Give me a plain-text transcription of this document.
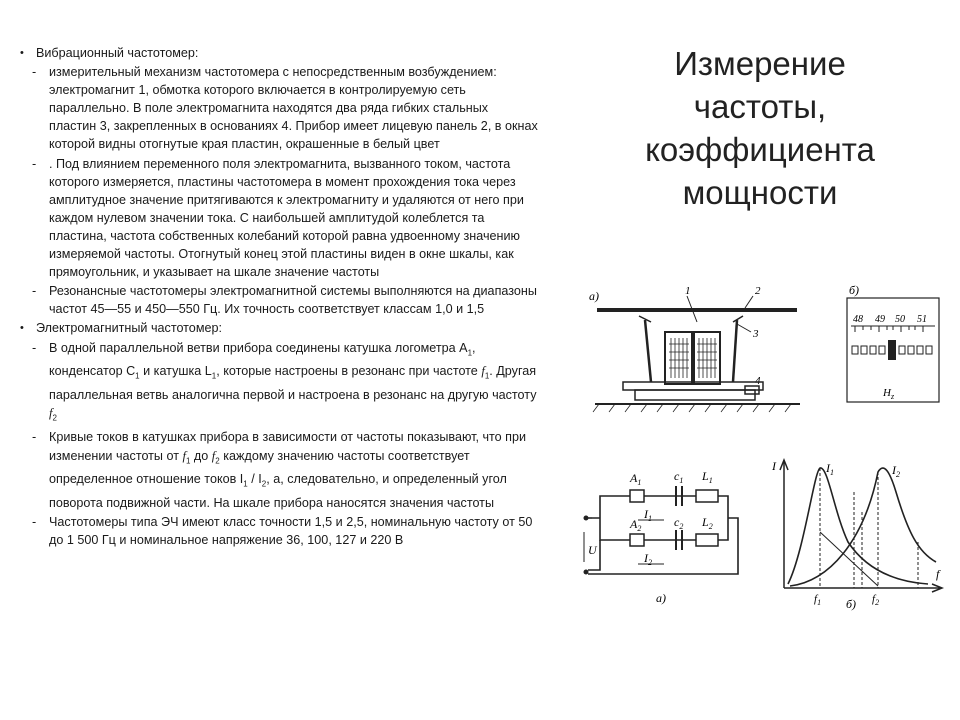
• Вибрационный частотомер:
- измерительный механизм частотомера с непосредственным возбуждением: электромагнит 1, обмотка которого включается в контролируемую сеть параллельно. В поле электромагнита находятся два ряда гибких стальных пластин 3, закрепленных в основаниях 4. Прибор имеет лицевую панель 2, в окнах которой видны отогнутые края пластин, окрашенные в белый цвет
- . Под влиянием переменного поля электромагнита, вызванного током, частота которого измеряется, пластины частотомера в момент прохождения тока через амплитудное значение притягиваются к электромагниту и удаляются от него при каждом нулевом значении тока. С наибольшей амплитудой колеблется та пластина, частота собственных колебаний которой равна удвоенному значению измеряемой частоты. Отогнутый конец этой пластины виден в окне шкалы, как прямоугольник, и указывает на шкале значение частоты
- Резонансные частотомеры электромагнитной системы выполняются на диапазоны частот 45—55 и 450—550 Гц. Их точность соответствует классам 1,0 и 1,5
• Электромагнитный частотомер:
- В одной параллельной ветви прибора соединены катушка логометра $А_1$, конденсатор $С_1$ и катушка $L_1$, которые настроены в резонанс при частоте $f_1$. Другая параллельная ветвь аналогична первой и настроена в резонанс на другую частоту $f_2$
- Кривые токов в катушках прибора в зависимости от частоты показывают, что при изменении частоты от $f_1$ до $f_2$ каждому значению частоты соответствует определенное отношение токов $I_1 / I_2$, а, следовательно, и определенный угол поворота подвижной части. На шкале прибора наносятся значения частоты
- Частотомеры типа ЭЧ имеют класс точности 1,5 и 2,5, номинальную частоту от 50 до 1 500 Гц и номинальное напряжение 36, 100, 127 и 220 В
Измерение
частоты,
коэффициента
мощности
а)	1	2
3
4
б)
48 49 50 51
$Н_z$
$A_1$	$c_1$ $L_1$
$I_1$
$A_2$	$c_2$ $L_2$
$I_2$
U
а)
I
f
$I_1$	$I_2$
$f_1$	$f_2$
б)
